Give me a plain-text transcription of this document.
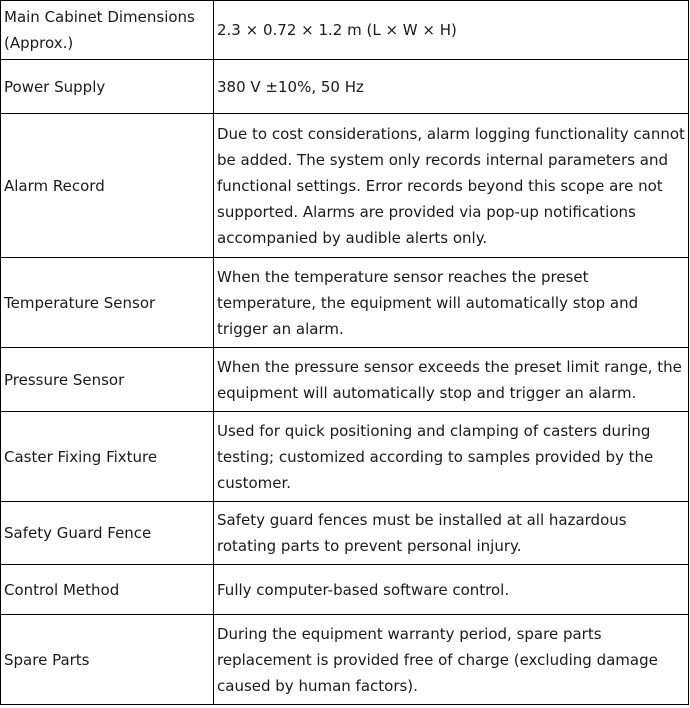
Main Cabinet Dimensions (Approx.)	2.3 × 0.72 × 1.2 m (L × W × H)
Power Supply	380 V ±10%, 50 Hz
Alarm Record	Due to cost considerations, alarm logging functionality cannot be added. The system only records internal parameters and functional settings. Error records beyond this scope are not supported. Alarms are provided via pop-up notifications accompanied by audible alerts only.
Temperature Sensor	When the temperature sensor reaches the preset temperature, the equipment will automatically stop and trigger an alarm.
Pressure Sensor	When the pressure sensor exceeds the preset limit range, the equipment will automatically stop and trigger an alarm.
Caster Fixing Fixture	Used for quick positioning and clamping of casters during testing; customized according to samples provided by the customer.
Safety Guard Fence	Safety guard fences must be installed at all hazardous rotating parts to prevent personal injury.
Control Method	Fully computer-based software control.
Spare Parts	During the equipment warranty period, spare parts replacement is provided free of charge (excluding damage caused by human factors).
